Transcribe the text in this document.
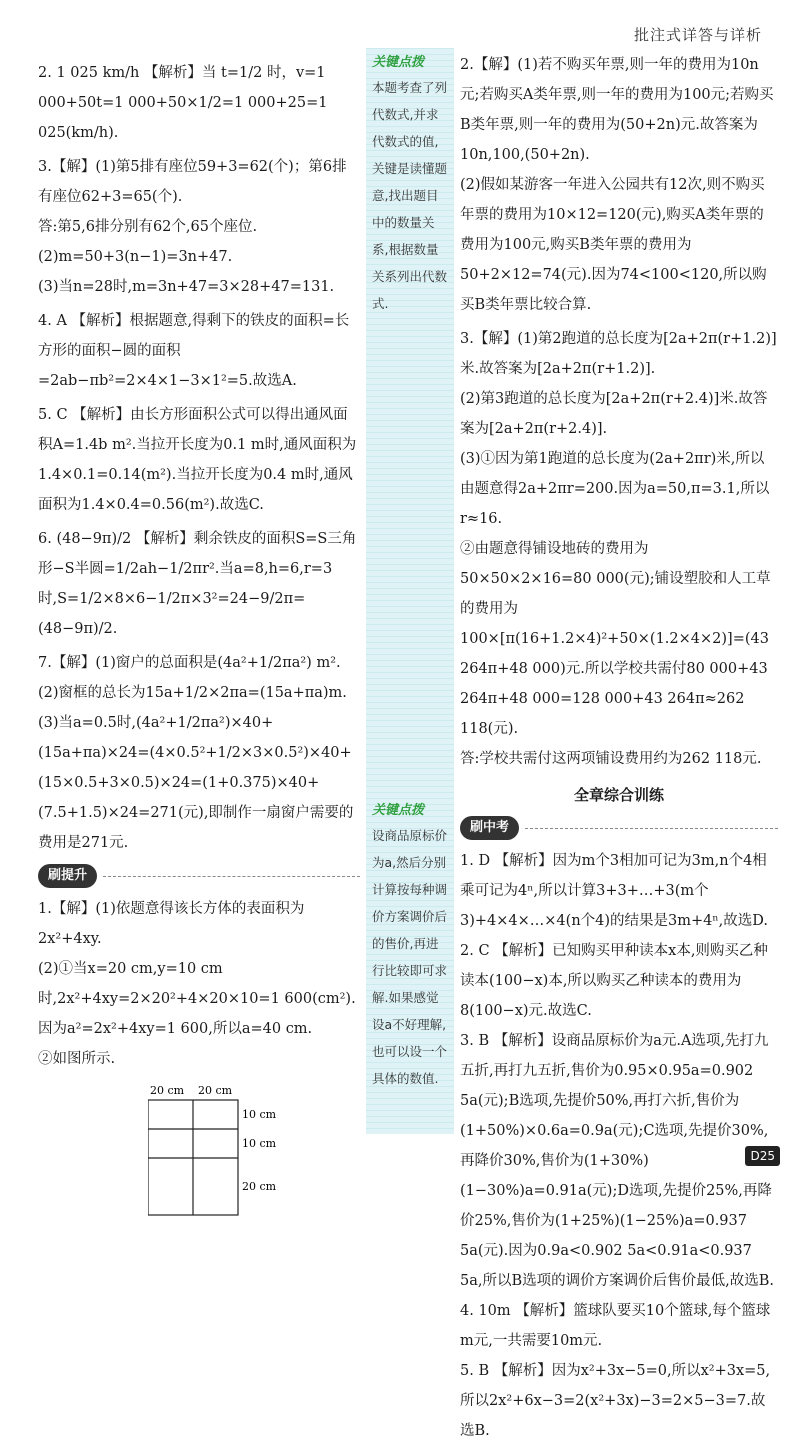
批注式详答与详析

2. 1 025 km/h 【解析】当 t=1/2 时，v=1 000+50t=1 000+50×1/2=1 000+25=1 025(km/h).

3.【解】(1)第5排有座位59+3=62(个)；第6排有座位62+3=65(个).

答:第5,6排分别有62个,65个座位.

(2)m=50+3(n−1)=3n+47.

(3)当n=28时,m=3n+47=3×28+47=131.

4. A 【解析】根据题意,得剩下的铁皮的面积=长方形的面积−圆的面积=2ab−πb²=2×4×1−3×1²=5.故选A.

5. C 【解析】由长方形面积公式可以得出通风面积A=1.4b m².当拉开长度为0.1 m时,通风面积为1.4×0.1=0.14(m²).当拉开长度为0.4 m时,通风面积为1.4×0.4=0.56(m²).故选C.

6. (48−9π)/2 【解析】剩余铁皮的面积S=S三角形−S半圆=1/2ah−1/2πr².当a=8,h=6,r=3时,S=1/2×8×6−1/2π×3²=24−9/2π=(48−9π)/2.

7.【解】(1)窗户的总面积是(4a²+1/2πa²) m².

(2)窗框的总长为15a+1/2×2πa=(15a+πa)m.

(3)当a=0.5时,(4a²+1/2πa²)×40+(15a+πa)×24=(4×0.5²+1/2×3×0.5²)×40+(15×0.5+3×0.5)×24=(1+0.375)×40+(7.5+1.5)×24=271(元),即制作一扇窗户需要的费用是271元.

刷提升

1.【解】(1)依题意得该长方体的表面积为2x²+4xy.

(2)①当x=20 cm,y=10 cm时,2x²+4xy=2×20²+4×20×10=1 600(cm²).因为a²=2x²+4xy=1 600,所以a=40 cm.

②如图所示.

20 cm 20 cm
10 cm
10 cm
20 cm
关键点拨
本题考查了列代数式,并求代数式的值,关键是读懂题意,找出题目中的数量关系,根据数量关系列出代数式.
关键点拨
设商品原标价为a,然后分别计算按每种调价方案调价后的售价,再进行比较即可求解.如果感觉设a不好理解,也可以设一个具体的数值.

2.【解】(1)若不购买年票,则一年的费用为10n元;若购买A类年票,则一年的费用为100元;若购买B类年票,则一年的费用为(50+2n)元.故答案为10n,100,(50+2n).

(2)假如某游客一年进入公园共有12次,则不购买年票的费用为10×12=120(元),购买A类年票的费用为100元,购买B类年票的费用为50+2×12=74(元).因为74<100<120,所以购买B类年票比较合算.

3.【解】(1)第2跑道的总长度为[2a+2π(r+1.2)]米.故答案为[2a+2π(r+1.2)].

(2)第3跑道的总长度为[2a+2π(r+2.4)]米.故答案为[2a+2π(r+2.4)].

(3)①因为第1跑道的总长度为(2a+2πr)米,所以由题意得2a+2πr=200.因为a=50,π=3.1,所以r≈16.

②由题意得铺设地砖的费用为50×50×2×16=80 000(元);铺设塑胶和人工草的费用为100×[π(16+1.2×4)²+50×(1.2×4×2)]=(43 264π+48 000)元.所以学校共需付80 000+43 264π+48 000=128 000+43 264π≈262 118(元).

答:学校共需付这两项铺设费用约为262 118元.

全章综合训练
刷中考

1. D 【解析】因为m个3相加可记为3m,n个4相乘可记为4ⁿ,所以计算3+3+…+3(m个3)+4×4×…×4(n个4)的结果是3m+4ⁿ,故选D.

2. C 【解析】已知购买甲种读本x本,则购买乙种读本(100−x)本,所以购买乙种读本的费用为8(100−x)元.故选C.

3. B 【解析】设商品原标价为a元.A选项,先打九五折,再打九五折,售价为0.95×0.95a=0.902 5a(元);B选项,先提价50%,再打六折,售价为(1+50%)×0.6a=0.9a(元);C选项,先提价30%,再降价30%,售价为(1+30%)(1−30%)a=0.91a(元);D选项,先提价25%,再降价25%,售价为(1+25%)(1−25%)a=0.937 5a(元).因为0.9a<0.902 5a<0.91a<0.937 5a,所以B选项的调价方案调价后售价最低,故选B.

4. 10m 【解析】篮球队要买10个篮球,每个篮球m元,一共需要10m元.

5. B 【解析】因为x²+3x−5=0,所以x²+3x=5,所以2x²+6x−3=2(x²+3x)−3=2×5−3=7.故选B.

D25
